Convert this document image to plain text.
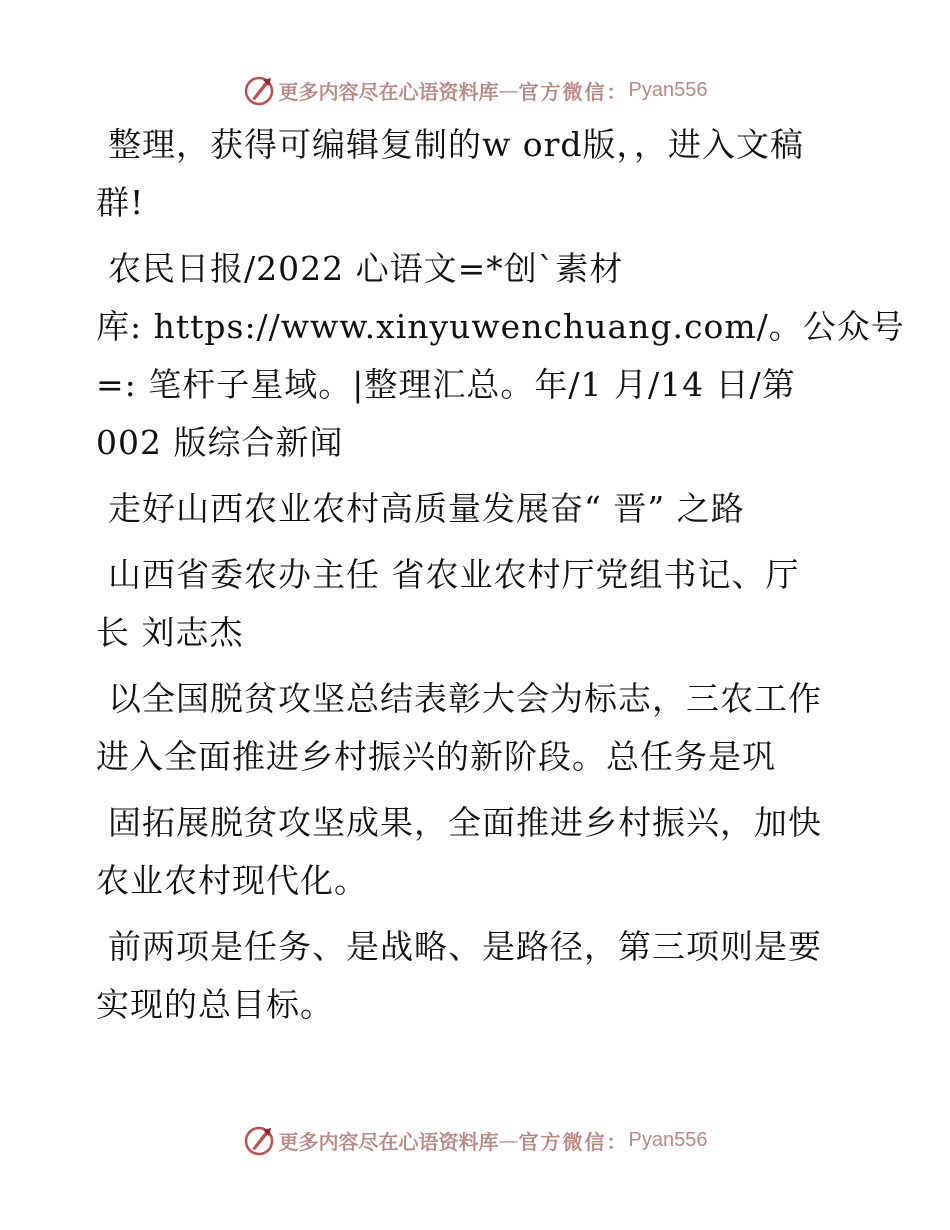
更多内容尽在心语资料库 — 官方微信： Pyan556

整理，获得可编辑复制的w ord版，，进入文稿
群!

农民日报/2022 心语文=*创`素材
库: https://www.xinyuwenchuang.com/。公众号
=: 笔杆子星域。|整理汇总。年/1 月/14 日/第
002 版综合新闻

走好山西农业农村高质量发展奋“ 晋” 之路

山西省委农办主任 省农业农村厅党组书记、厅
长 刘志杰

以全国脱贫攻坚总结表彰大会为标志，三农工作
进入全面推进乡村振兴的新阶段。总任务是巩

固拓展脱贫攻坚成果，全面推进乡村振兴，加快
农业农村现代化。

前两项是任务、是战略、是路径，第三项则是要
实现的总目标。

更多内容尽在心语资料库 — 官方微信： Pyan556
